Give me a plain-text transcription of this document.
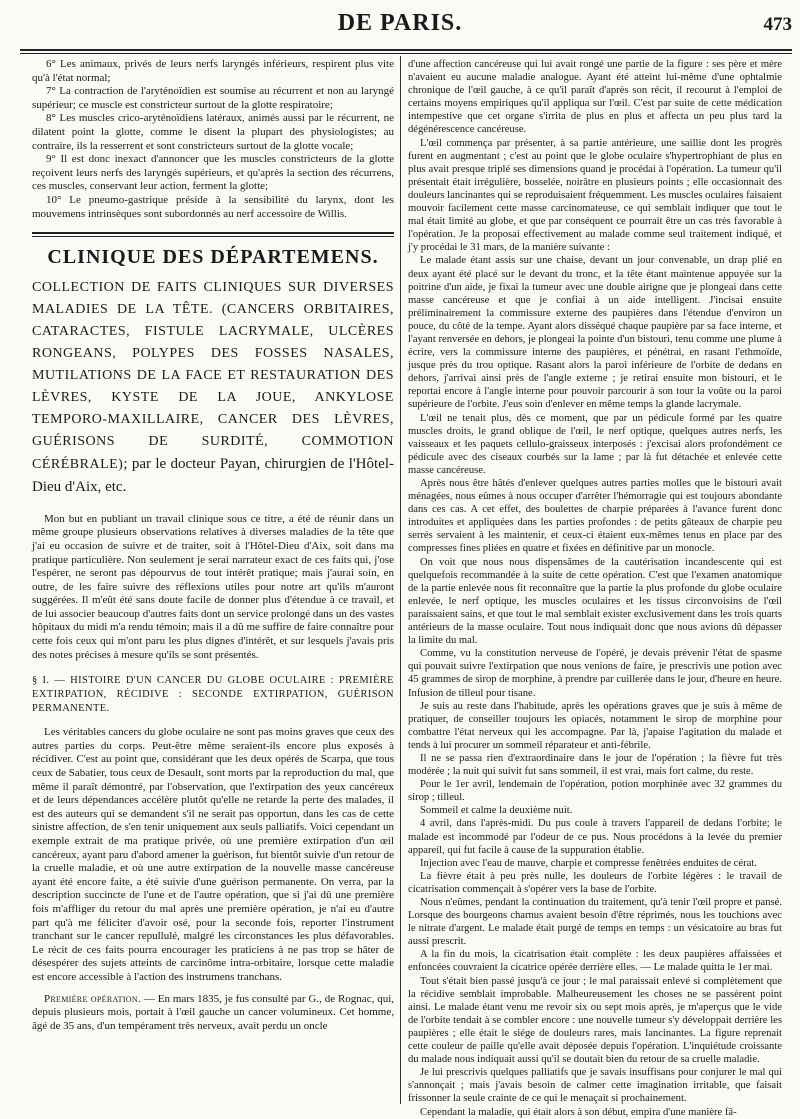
DE PARIS.	473

6° Les animaux, privés de leurs nerfs laryngés inférieurs, respirent plus vite qu'à l'état normal;

7° La contraction de l'aryténoïdien est soumise au récurrent et non au laryngé supérieur; ce muscle est constricteur surtout de la glotte respiratoire;

8° Les muscles crico-aryténoïdiens latéraux, animés aussi par le récurrent, ne dilatent point la glotte, comme le disent la plupart des physiologistes; au contraire, ils la resserrent et sont constricteurs surtout de la glotte vocale;

9° Il est donc inexact d'annoncer que les muscles constricteurs de la glotte reçoivent leurs nerfs des laryngés supérieurs, et qu'après la section des récurrens, ces muscles, conservant leur action, ferment la glotte;

10° Le pneumo-gastrique préside à la sensibilité du larynx, dont les mouvemens intrinsèques sont subordonnés au nerf accessoire de Willis.

CLINIQUE DES DÉPARTEMENS.

COLLECTION DE FAITS CLINIQUES SUR DIVERSES MALADIES DE LA TÊTE. (CANCERS ORBITAIRES, CATARACTES, FISTULE LACRYMALE, ULCÈRES RONGEANS, POLYPES DES FOSSES NASALES, MUTILATIONS DE LA FACE ET RESTAURATION DES LÈVRES, KYSTE DE LA JOUE, ANKYLOSE TEMPORO-MAXILLAIRE, CANCER DES LÈVRES, GUÉRISONS DE SURDITÉ, COMMOTION CÉRÉBRALE); par le docteur Payan, chirurgien de l'Hôtel-Dieu d'Aix, etc.

Mon but en publiant un travail clinique sous ce titre, a été de réunir dans un même groupe plusieurs observations relatives à diverses maladies de la tête que j'ai eu occasion de suivre et de traiter, soit à l'Hôtel-Dieu d'Aix, soit dans ma pratique particulière. Non seulement je serai narrateur exact de ces faits qui, j'ose l'espérer, ne seront pas dépourvus de tout intérêt pratique; mais j'aurai soin, en outre, de les faire suivre des réflexions utiles pour notre art qu'ils m'auront suggérées. Il m'eût été sans doute facile de donner plus d'étendue à ce travail, et de lui associer beaucoup d'autres faits dont un service prolongé dans un des vastes hôpitaux du midi m'a rendu témoin; mais il a dû me suffire de faire connaître pour cette fois ceux qui m'ont paru les plus dignes d'intérêt, et sur lesquels j'avais pris des notes précises à mesure qu'ils se sont présentés.

§ I. — HISTOIRE D'UN CANCER DU GLOBE OCULAIRE : PREMIÈRE EXTIRPATION, RÉCIDIVE : SECONDE EXTIRPATION, GUÉRISON PERMANENTE.

Les véritables cancers du globe oculaire ne sont pas moins graves que ceux des autres parties du corps. Peut-être même seraient-ils encore plus exposés à récidiver. C'est au point que, considérant que les deux opérés de Scarpa, que tous ceux de Sabatier, tous ceux de Desault, sont morts par la reproduction du mal, que même il paraît démontré, par l'observation, que l'extirpation des yeux cancéreux et de leurs dépendances accélère plutôt qu'elle ne retarde la perte des malades, il est des auteurs qui se demandent s'il ne serait pas opportun, dans les cas de cette sinistre affection, de s'en tenir uniquement aux seuls palliatifs. Voici cependant un exemple extrait de ma pratique privée, où une première extirpation d'un œil cancéreux, ayant paru d'abord amener la guérison, fut bientôt suivie d'un retour de la cruelle maladie, et où une autre extirpation de la nouvelle masse cancéreuse ayant été encore faite, a été suivie d'une guérison permanente. On verra, par la description succincte de l'une et de l'autre opération, que si j'ai dû une première fois m'affliger du retour du mal après une première opération, je n'ai eu d'autre part qu'à me féliciter d'avoir osé, pour la seconde fois, reporter l'instrument tranchant sur le cancer repullulé, malgré les circonstances les plus défavorables. Le récit de ces faits pourra encourager les praticiens à ne pas trop se hâter de désespérer des sujets atteints de carcinôme intra-orbitaire, lorsque cette maladie est encore accessible à l'action des instrumens tranchans.

Première opération. — En mars 1835, je fus consulté par G., de Rognac, qui, depuis plusieurs mois, portait à l'œil gauche un cancer volumineux. Cet homme, âgé de 35 ans, d'un tempérament très nerveux, avait perdu un oncle

d'une affection cancéreuse qui lui avait rongé une partie de la figure : ses père et mère n'avaient eu aucune maladie analogue. Ayant été atteint lui-même d'une ophtalmie chronique de l'œil gauche, à ce qu'il paraît d'après son récit, il recourut à l'emploi de certains moyens empiriques qu'il appliqua sur l'œil. C'est par suite de cette médication intempestive que cet organe s'irrita de plus en plus et affecta un peu plus tard la dégénérescence cancéreuse.

L'œil commença par présenter, à sa partie antérieure, une saillie dont les progrès furent en augmentant ; c'est au point que le globe oculaire s'hypertrophiant de plus en plus avait presque triplé ses dimensions quand je procédai à l'opération. La tumeur qu'il présentait était irrégulière, bosselée, noirâtre en plusieurs points ; elle occasionnait des douleurs lancinantes qui se reproduisaient fréquemment. Les muscles oculaires faisaient mouvoir facilement cette masse carcinomateuse, ce qui semblait indiquer que tout le mal était limité au globe, et que par conséquent ce pourrait être un cas très favorable à l'opération. Je la proposai effectivement au malade comme seul traitement indiqué, et j'y procédai le 31 mars, de la manière suivante :

Le malade étant assis sur une chaise, devant un jour convenable, un drap plié en deux ayant été placé sur le devant du tronc, et la tête étant maintenue appuyée sur la poitrine d'un aide, je fixai la tumeur avec une double airigne que je plongeai dans cette masse cancéreuse et que je confiai à un aide intelligent. J'incisai ensuite préliminairement la commissure externe des paupières dans l'étendue d'environ un pouce, du côté de la tempe. Ayant alors disséqué chaque paupière par sa face interne, et l'ayant renversée en dehors, je plongeai la pointe d'un bistouri, tenu comme une plume à écrire, vers la commissure interne des paupières, et pénétrai, en rasant l'ethmoïde, jusque près du trou optique. Rasant alors la paroi inférieure de l'orbite de dedans en dehors, j'arrivai ainsi près de l'angle externe ; je retirai ensuite mon bistouri, et le reportai encore à l'angle interne pour pouvoir parcourir à son tour la voûte ou la paroi supérieure de l'orbite. J'eus soin d'enlever en même temps la glande lacrymale.

L'œil ne tenait plus, dès ce moment, que par un pédicule formé par les quatre muscles droits, le grand oblique de l'œil, le nerf optique, quelques autres nerfs, les vaisseaux et les paquets cellulo-graisseux interposés : j'excisai alors profondément ce pédicule avec des ciseaux courbés sur la lame ; par là fut détachée et enlevée cette masse cancéreuse.

Après nous être hâtés d'enlever quelques autres parties molles que le bistouri avait ménagées, nous eûmes à nous occuper d'arrêter l'hémorragie qui est toujours abondante dans ces cas. A cet effet, des boulettes de charpie préparées à l'avance furent donc introduites et appliquées dans les parties profondes : de petits gâteaux de charpie peu serrés servaient à les maintenir, et ceux-ci étaient eux-mêmes tenus en place par des compresses fines pliées en quatre et fixées en définitive par un monocle.

On voit que nous nous dispensâmes de la cautérisation incandescente qui est quelquefois recommandée à la suite de cette opération. C'est que l'examen anatomique de la partie enlevée nous fit reconnaître que la partie la plus profonde du globe oculaire enlevée, le nerf optique, les muscles oculaires et les tissus circonvoisins de l'œil paraissaient sains, et que tout le mal semblait exister exclusivement dans les trois quarts antérieurs de la masse oculaire. Tout nous indiquait donc que nous avions dû dépasser la limite du mal.

Comme, vu la constitution nerveuse de l'opéré, je devais prévenir l'état de spasme qui pouvait suivre l'extirpation que nous venions de faire, je prescrivis une potion avec 45 grammes de sirop de morphine, à prendre par cuillerée dans le jour, d'heure en heure. Infusion de tilleul pour tisane.

Je suis au reste dans l'habitude, après les opérations graves que je suis à même de pratiquer, de conseiller toujours les opiacés, notamment le sirop de morphine pour combattre l'état nerveux qui les accompagne. Par là, j'apaise l'agitation du malade et tends à lui procurer un sommeil réparateur et anti-fébrile.

Il ne se passa rien d'extraordinaire dans le jour de l'opération ; la fièvre fut très modérée ; la nuit qui suivit fut sans sommeil, il est vrai, mais fort calme, du reste.

Pour le 1er avril, lendemain de l'opération, potion morphinée avec 32 grammes du sirop ; tilleul.

Sommeil et calme la deuxième nuit.

4 avril, dans l'après-midi. Du pus coule à travers l'appareil de dedans l'orbite; le malade est incommodé par l'odeur de ce pus. Nous procédons à la levée du premier appareil, qui fut facile à cause de la suppuration établie.

Injection avec l'eau de mauve, charpie et compresse fenêtrées enduites de cérat.

La fièvre était à peu près nulle, les douleurs de l'orbite légères : le travail de cicatrisation commençait à s'opérer vers la base de l'orbite.

Nous n'eûmes, pendant la continuation du traitement, qu'à tenir l'œil propre et pansé. Lorsque des bourgeons charnus avaient besoin d'être réprimés, nous les touchions avec le nitrate d'argent. Le malade était purgé de temps en temps : un vésicatoire au bras fut aussi prescrit.

A la fin du mois, la cicatrisation était complète : les deux paupières affaissées et enfoncées couvraient la cicatrice opérée derrière elles. — Le malade quitta le 1er mai.

Tout s'était bien passé jusqu'à ce jour ; le mal paraissait enlevé si complètement que la récidive semblait improbable. Malheureusement les choses ne se passèrent point ainsi. Le malade étant venu me revoir six ou sept mois après, je m'aperçus que le vide de l'orbite tendait à se combler encore : une nouvelle tumeur s'y développait derrière les paupières ; elle était le siége de douleurs rares, mais lancinantes. La figure reprenait cette couleur de paille qu'elle avait déposée depuis l'opération. L'inquiétude croissante du malade nous indiquait aussi qu'il se doutait bien du retour de sa cruelle maladie.

Je lui prescrivis quelques palliatifs que je savais insuffisans pour conjurer le mal qui s'annonçait ; mais j'avais besoin de calmer cette imagination irritable, que faisait frissonner la seule crainte de ce qui le menaçait si prochainement.

Cependant la maladie, qui était alors à son début, empira d'une manière fâ-
